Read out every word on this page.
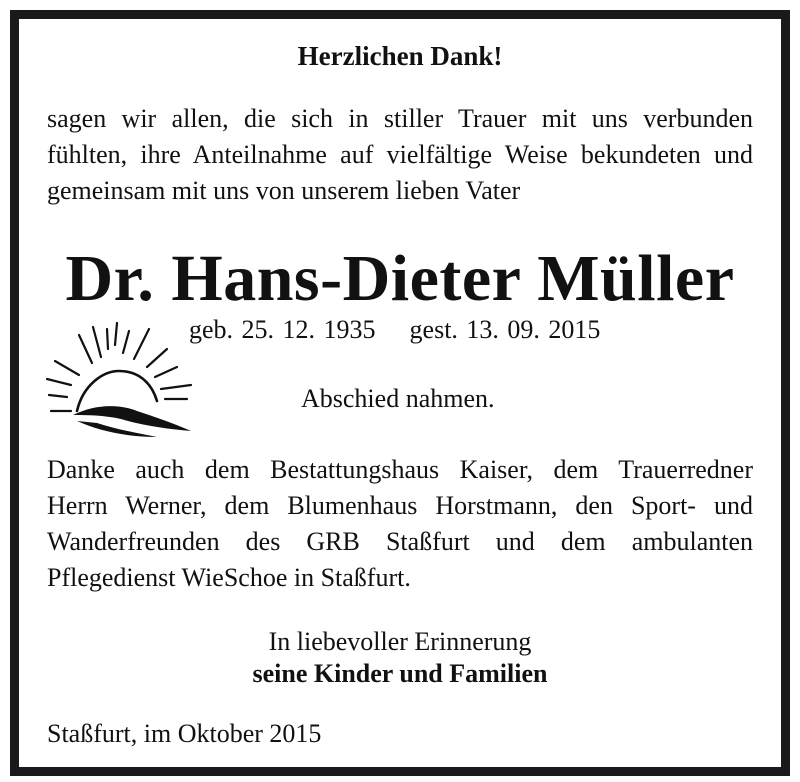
Herzlichen Dank!
sagen wir allen, die sich in stiller Trauer mit uns verbunden
fühlten, ihre Anteilnahme auf vielfältige Weise bekundeten und
gemeinsam mit uns von unserem lieben Vater
Dr. Hans-Dieter Müller
geb. 25. 12. 1935 gest. 13. 09. 2015
Abschied nahmen.
Danke auch dem Bestattungshaus Kaiser, dem Trauerredner
Herrn Werner, dem Blumenhaus Horstmann, den Sport- und
Wanderfreunden des GRB Staßfurt und dem ambulanten
Pflegedienst WieSchoe in Staßfurt.
In liebevoller Erinnerung
seine Kinder und Familien
Staßfurt, im Oktober 2015
